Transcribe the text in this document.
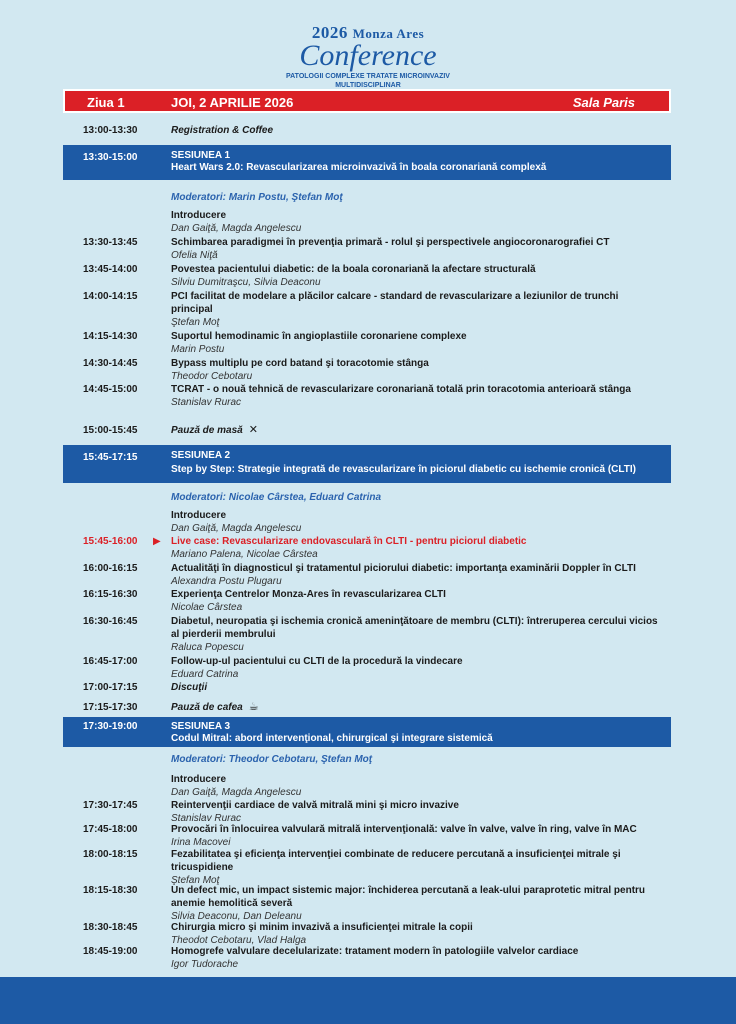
2026 Monza Ares
Conference
PATOLOGII COMPLEXE TRATATE MICROINVAZIV
MULTIDISCIPLINAR
Ziua 1	JOI, 2 APRILIE 2026	Sala Paris
13:00-13:30	Registration & Coffee
13:30-15:00	SESIUNEA 1
Heart Wars 2.0: Revascularizarea microinvazivă în boala coronariană complexă
Moderatori: Marin Postu, Ştefan Moţ
Introducere
Dan Gaiţă, Magda Angelescu
13:30-13:45	Schimbarea paradigmei în prevenţia primară - rolul şi perspectivele angiocoronarografiei CT
Ofelia Niţă
13:45-14:00	Povestea pacientului diabetic: de la boala coronariană la afectare structurală
Silviu Dumitraşcu, Silvia Deaconu
14:00-14:15	PCI facilitat de modelare a plăcilor calcare - standard de revascularizare a leziunilor de trunchi principal
Ştefan Moţ
14:15-14:30	Suportul hemodinamic în angioplastiile coronariene complexe
Marin Postu
14:30-14:45	Bypass multiplu pe cord batand şi toracotomie stânga
Theodor Cebotaru
14:45-15:00	TCRAT - o nouă tehnică de revascularizare coronariană totală prin toracotomia anterioară stânga
Stanislav Rurac
15:00-15:45	Pauză de masă ✕
15:45-17:15	SESIUNEA 2
Step by Step: Strategie integrată de revascularizare în piciorul diabetic cu ischemie cronică (CLTI)
Moderatori: Nicolae Cârstea, Eduard Catrina
Introducere
Dan Gaiţă, Magda Angelescu
15:45-16:00 ▶ Live case: Revascularizare endovasculară în CLTI - pentru piciorul diabetic
Mariano Palena, Nicolae Cârstea
16:00-16:15	Actualităţi în diagnosticul şi tratamentul piciorului diabetic: importanţa examinării Doppler în CLTI
Alexandra Postu Plugaru
16:15-16:30	Experienţa Centrelor Monza-Ares în revascularizarea CLTI
Nicolae Cârstea
16:30-16:45	Diabetul, neuropatia şi ischemia cronică ameninţătoare de membru (CLTI): întreruperea cercului vicios al pierderii membrului
Raluca Popescu
16:45-17:00	Follow-up-ul pacientului cu CLTI de la procedură la vindecare
Eduard Catrina
17:00-17:15	Discuţii
17:15-17:30	Pauză de cafea ☕
17:30-19:00	SESIUNEA 3
Codul Mitral: abord intervenţional, chirurgical şi integrare sistemică
Moderatori: Theodor Cebotaru, Ştefan Moţ
Introducere
Dan Gaiţă, Magda Angelescu
17:30-17:45	Reintervenţii cardiace de valvă mitrală mini şi micro invazive
Stanislav Rurac
17:45-18:00	Provocări în înlocuirea valvulară mitrală intervenţională: valve în valve, valve în ring, valve în MAC
Irina Macovei
18:00-18:15	Fezabilitatea şi eficienţa intervenţiei combinate de reducere percutană a insuficienţei mitrale şi tricuspidiene
Ştefan Moţ
18:15-18:30	Un defect mic, un impact sistemic major: închiderea percutană a leak-ului paraprotetic mitral pentru anemie hemolitică severă
Silvia Deaconu, Dan Deleanu
18:30-18:45	Chirurgia micro şi minim invazivă a insuficienţei mitrale la copii
Theodot Cebotaru, Vlad Halga
18:45-19:00	Homogrefe valvulare decelularizate: tratament modern în patologiile valvelor cardiace
Igor Tudorache
